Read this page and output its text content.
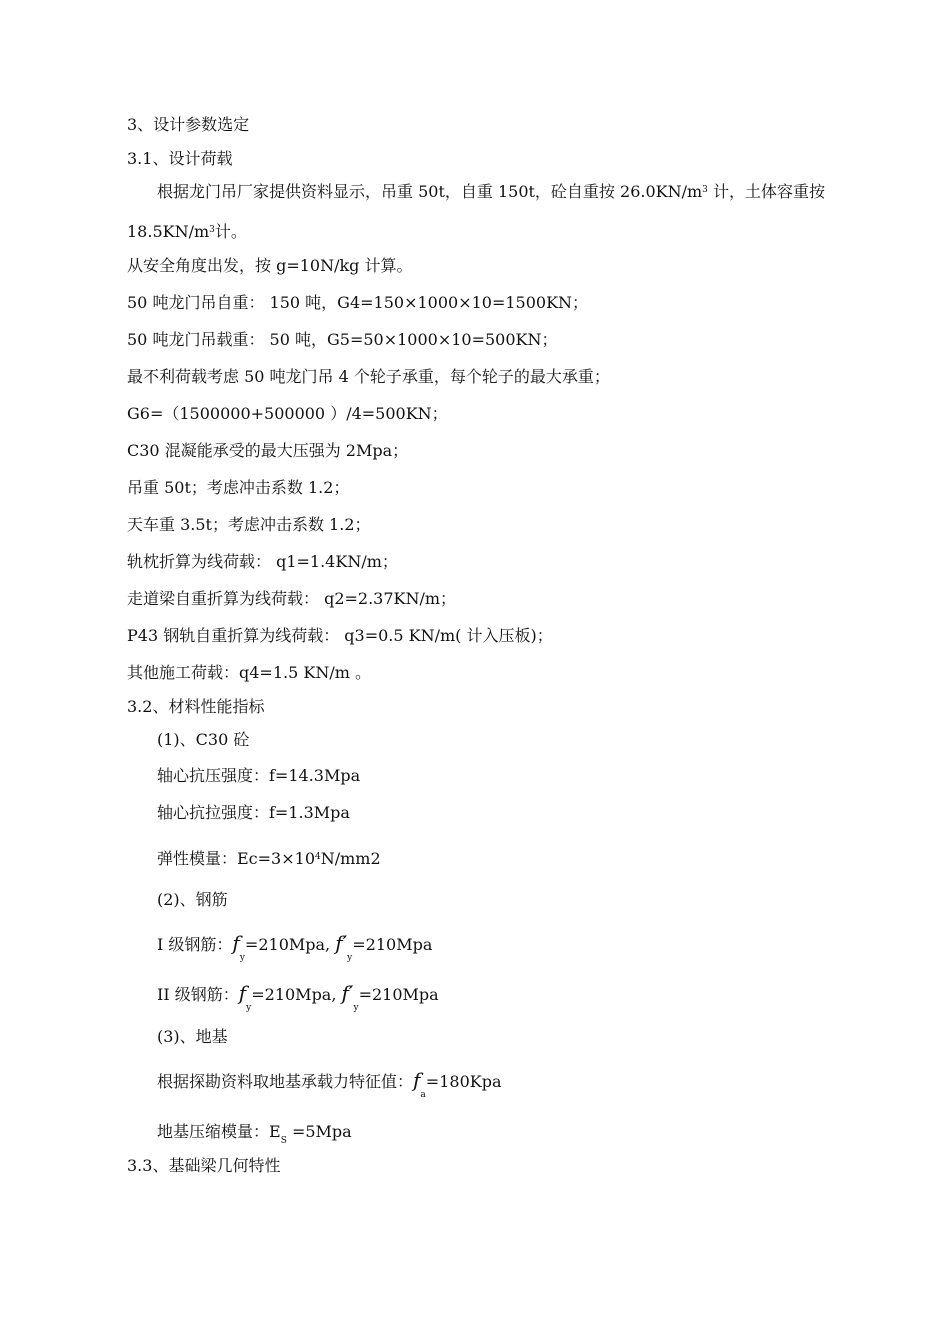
3、设计参数选定
3.1、设计荷载
根据龙门吊厂家提供资料显示，吊重 50t，自重 150t，砼自重按 $26.0KN/m^3$ 计，土体容重按 $18.5KN/m^3$计。
从安全角度出发，按 g=10N/kg 计算。
50 吨龙门吊自重： 150 吨，G4=150×1000×10=1500KN；
50 吨龙门吊载重： 50 吨，G5=50×1000×10=500KN；
最不利荷载考虑 50 吨龙门吊 4 个轮子承重，每个轮子的最大承重；
G6=（1500000+500000 ）/4=500KN；
C30 混凝能承受的最大压强为 2Mpa；
吊重 50t；考虑冲击系数 1.2；
天车重 3.5t；考虑冲击系数 1.2；
轨枕折算为线荷载： q1=1.4KN/m；
走道梁自重折算为线荷载： q2=2.37KN/m；
P43 钢轨自重折算为线荷载： q3=0.5 KN/m( 计入压板)；
其他施工荷载：q4=1.5 KN/m 。
3.2、材料性能指标
(1)、C30 砼
轴心抗压强度：f=14.3Mpa
轴心抗拉强度：f=1.3Mpa
弹性模量：$Ec=3\times 10^4N/mm2$
(2)、钢筋
I 级钢筋：$f_y=210Mpa$, $f'_y=210Mpa$
II 级钢筋：$f_y=210Mpa$, $f'_y=210Mpa$
(3)、地基
根据探勘资料取地基承载力特征值：$f_a=180Kpa$
地基压缩模量：$E_S =5Mpa$
3.3、基础梁几何特性
